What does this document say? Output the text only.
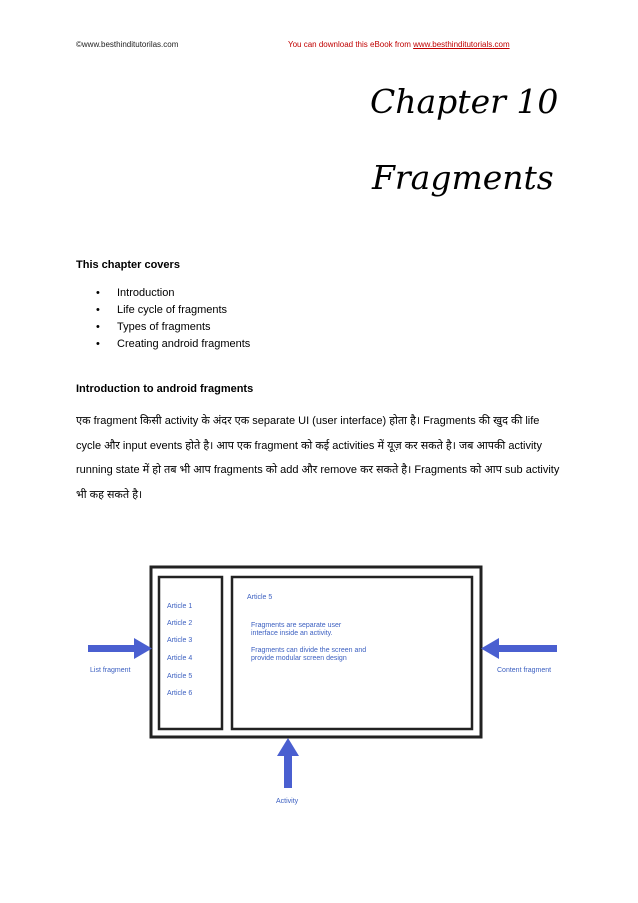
©www.besthinditutorilas.com	You can download this eBook from www.besthinditutorials.com
Chapter 10
Fragments
This chapter covers
• Introduction
• Life cycle of fragments
• Types of fragments
• Creating android fragments
Introduction to android fragments
एक fragment किसी activity के अंदर एक separate UI (user interface) होता है। Fragments की खुद की life cycle और input events होते है। आप एक fragment को कई activities में यूज़ कर सकते है। जब आपकी activity running state में हो तब भी आप fragments को add और remove कर सकते है। Fragments को आप sub activity भी कह सकते है।
Article 1
Article 2
Article 3
Article 4
Article 5
Article 6
Article 5
Fragments are separate user
interface inside an activity.
Fragments can divide the screen and
provide modular screen design
List fragment	Content fragment
Activity
